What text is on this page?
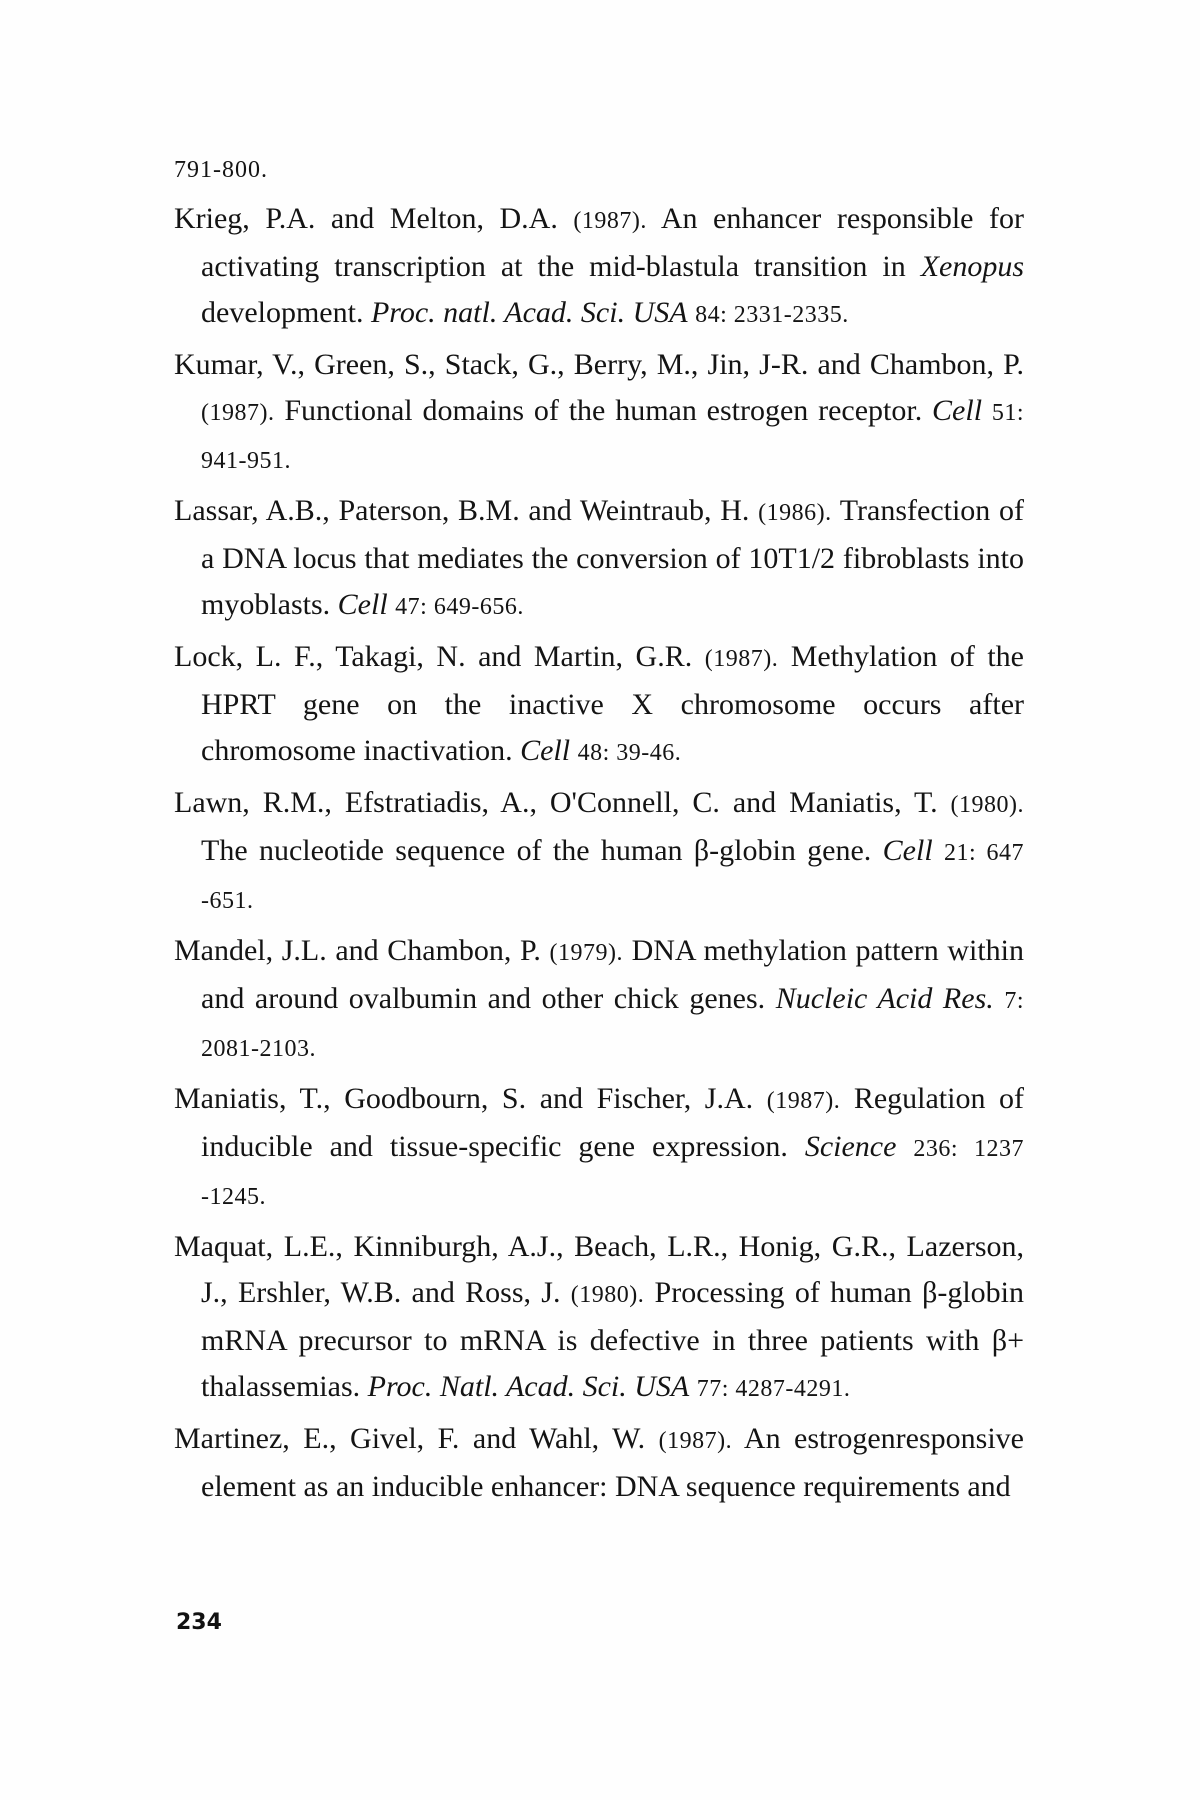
791-800.
Krieg, P.A. and Melton, D.A. (1987). An enhancer responsible for activating transcription at the mid-blastula transition in Xenopus development. Proc. natl. Acad. Sci. USA 84: 2331-2335.
Kumar, V., Green, S., Stack, G., Berry, M., Jin, J-R. and Chambon, P. (1987). Functional domains of the human estrogen receptor. Cell 51: 941-951.
Lassar, A.B., Paterson, B.M. and Weintraub, H. (1986). Transfection of a DNA locus that mediates the conversion of 10T1/2 fibroblasts into myoblasts. Cell 47: 649-656.
Lock, L. F., Takagi, N. and Martin, G.R. (1987). Methylation of the HPRT gene on the inactive X chromosome occurs after chromosome inactivation. Cell 48: 39-46.
Lawn, R.M., Efstratiadis, A., O'Connell, C. and Maniatis, T. (1980). The nucleotide sequence of the human β-globin gene. Cell 21: 647 -651.
Mandel, J.L. and Chambon, P. (1979). DNA methylation pattern within and around ovalbumin and other chick genes. Nucleic Acid Res. 7: 2081-2103.
Maniatis, T., Goodbourn, S. and Fischer, J.A. (1987). Regulation of inducible and tissue-specific gene expression. Science 236: 1237 -1245.
Maquat, L.E., Kinniburgh, A.J., Beach, L.R., Honig, G.R., Lazerson, J., Ershler, W.B. and Ross, J. (1980). Processing of human β-globin mRNA precursor to mRNA is defective in three patients with β+ thalassemias. Proc. Natl. Acad. Sci. USA 77: 4287-4291.
Martinez, E., Givel, F. and Wahl, W. (1987). An estrogenresponsive element as an inducible enhancer: DNA sequence requirements and
234
